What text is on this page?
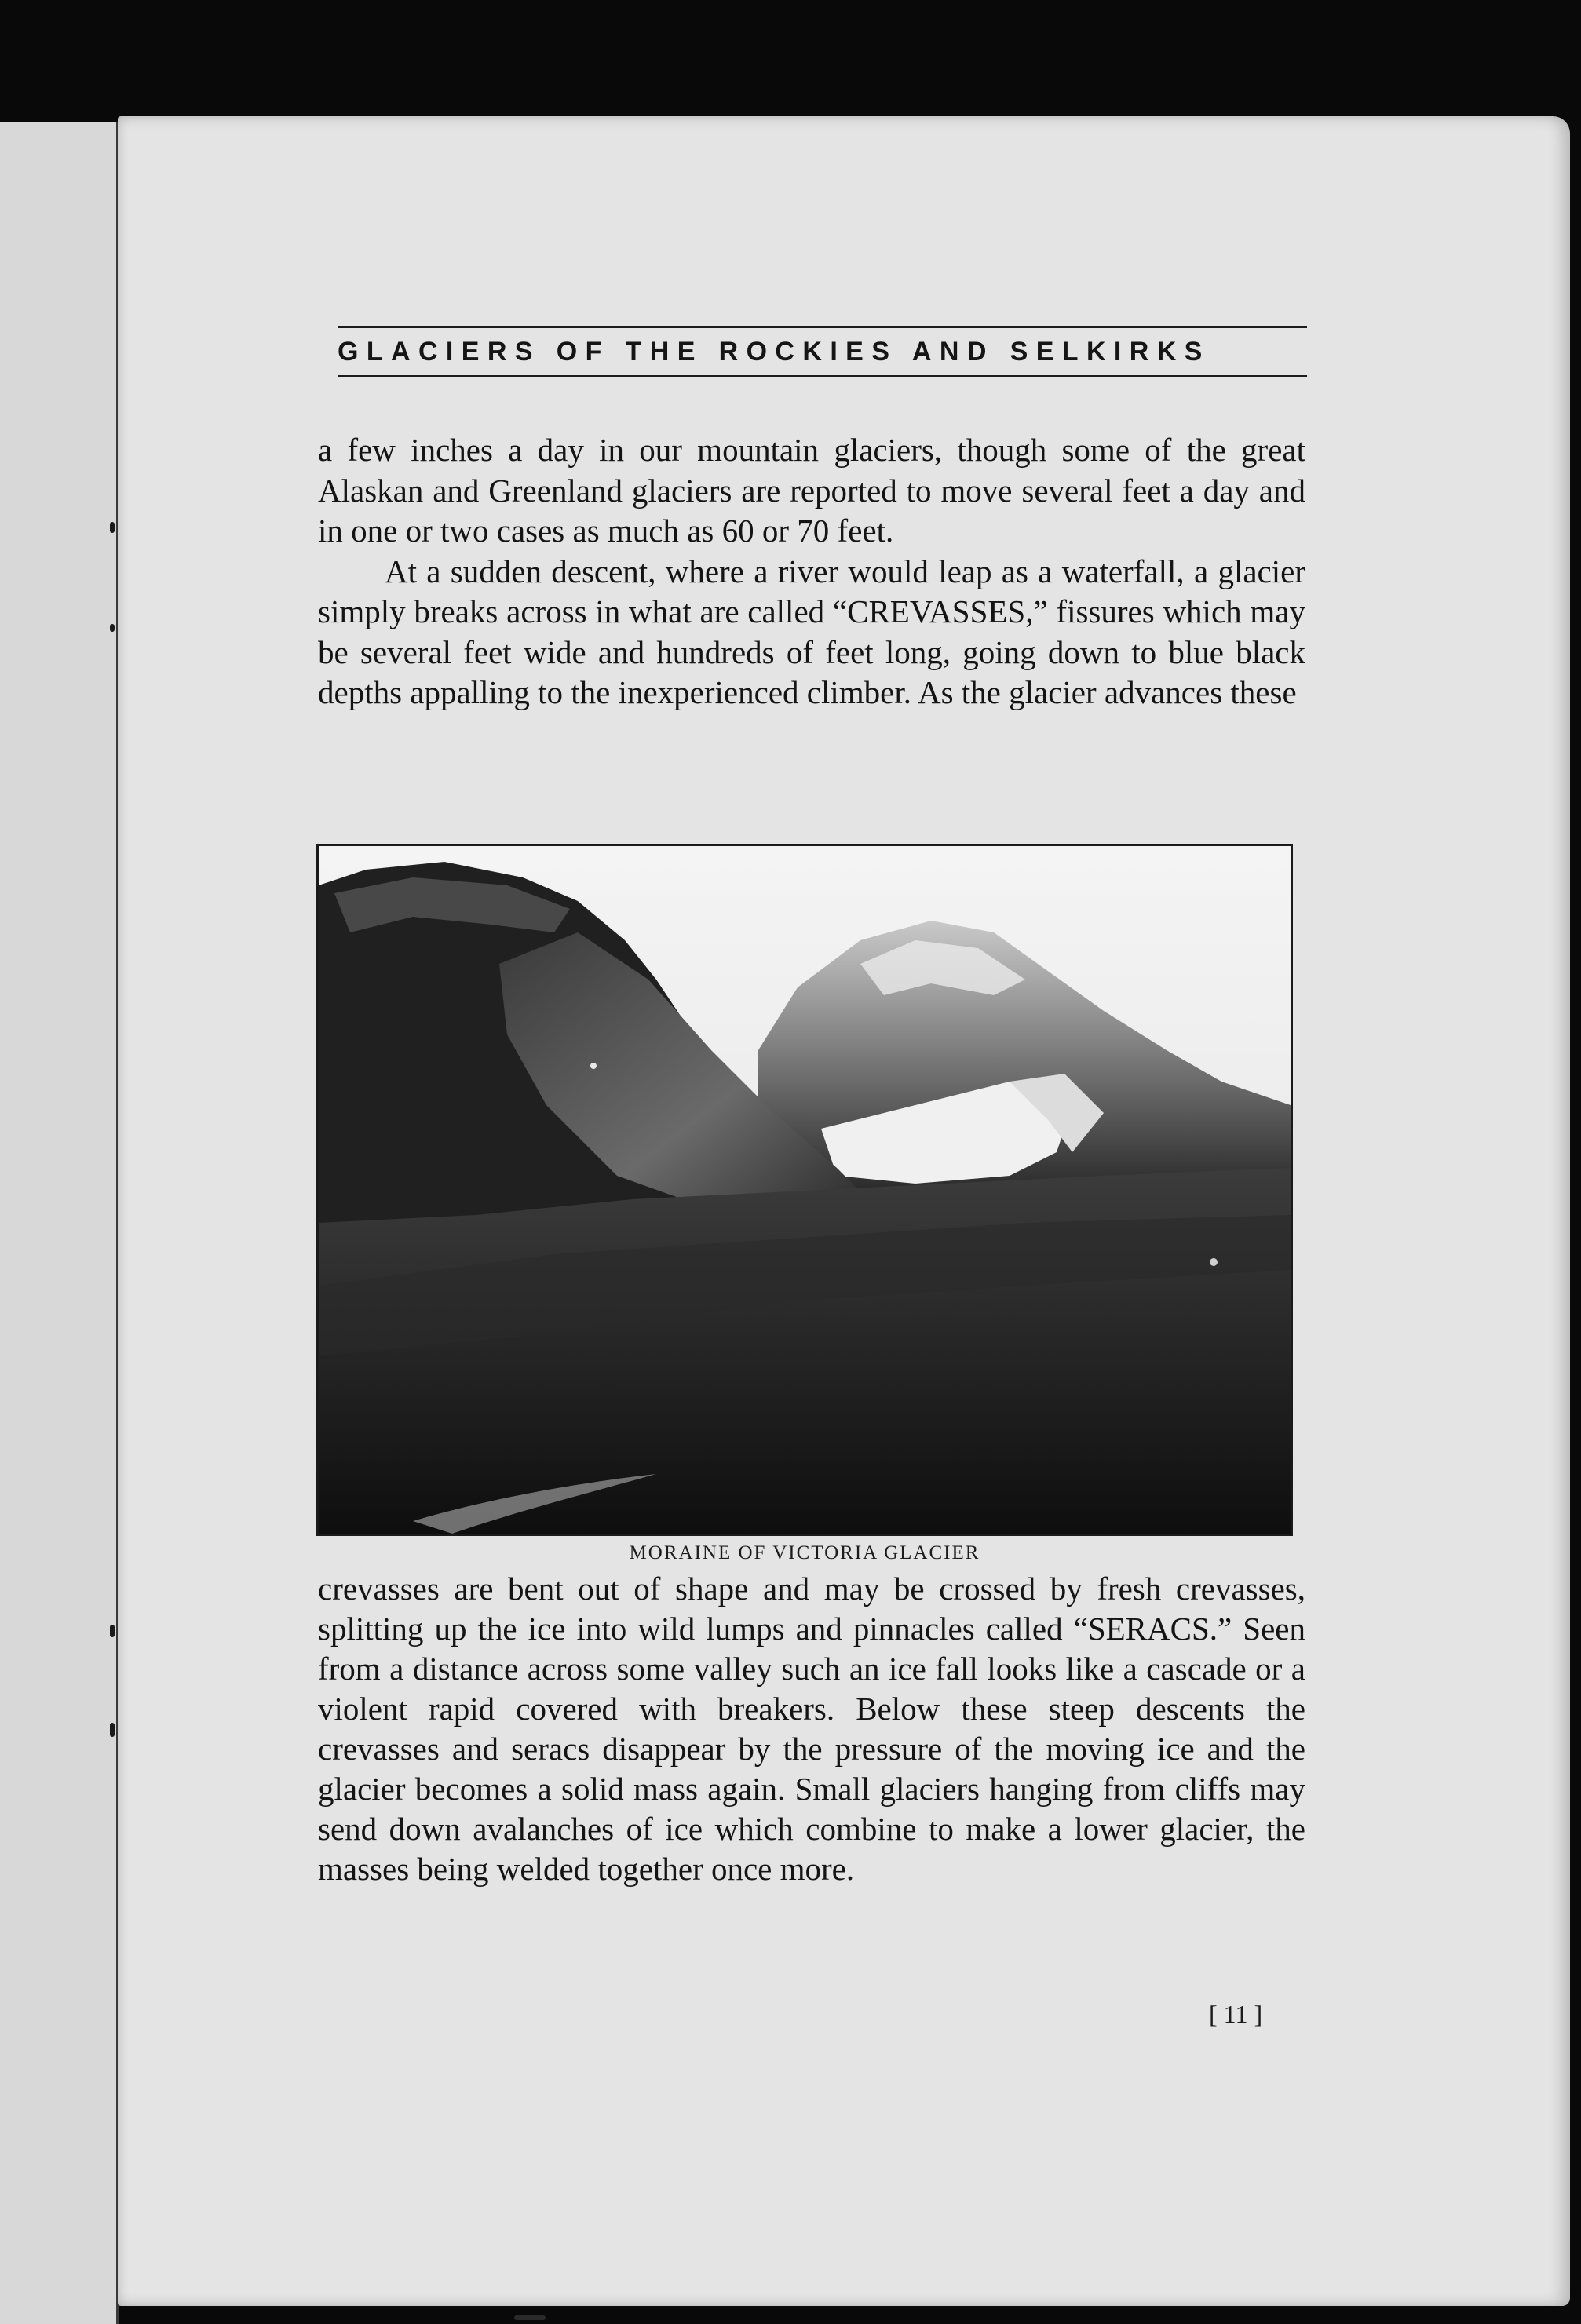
GLACIERS OF THE ROCKIES AND SELKIRKS

a few inches a day in our mountain glaciers, though some of the great Alaskan and Greenland glaciers are reported to move several feet a day and in one or two cases as much as 60 or 70 feet.

At a sudden descent, where a river would leap as a waterfall, a glacier simply breaks across in what are called “CREVASSES,” fissures which may be several feet wide and hundreds of feet long, going down to blue black depths appalling to the inexperienced climber. As the glacier advances these

MORAINE OF VICTORIA GLACIER

crevasses are bent out of shape and may be crossed by fresh crevasses, splitting up the ice into wild lumps and pinnacles called “SERACS.” Seen from a distance across some valley such an ice fall looks like a cascade or a violent rapid covered with breakers. Below these steep descents the crevasses and seracs disappear by the pressure of the moving ice and the glacier becomes a solid mass again. Small glaciers hanging from cliffs may send down avalanches of ice which combine to make a lower glacier, the masses being welded together once more.

[ 11 ]
